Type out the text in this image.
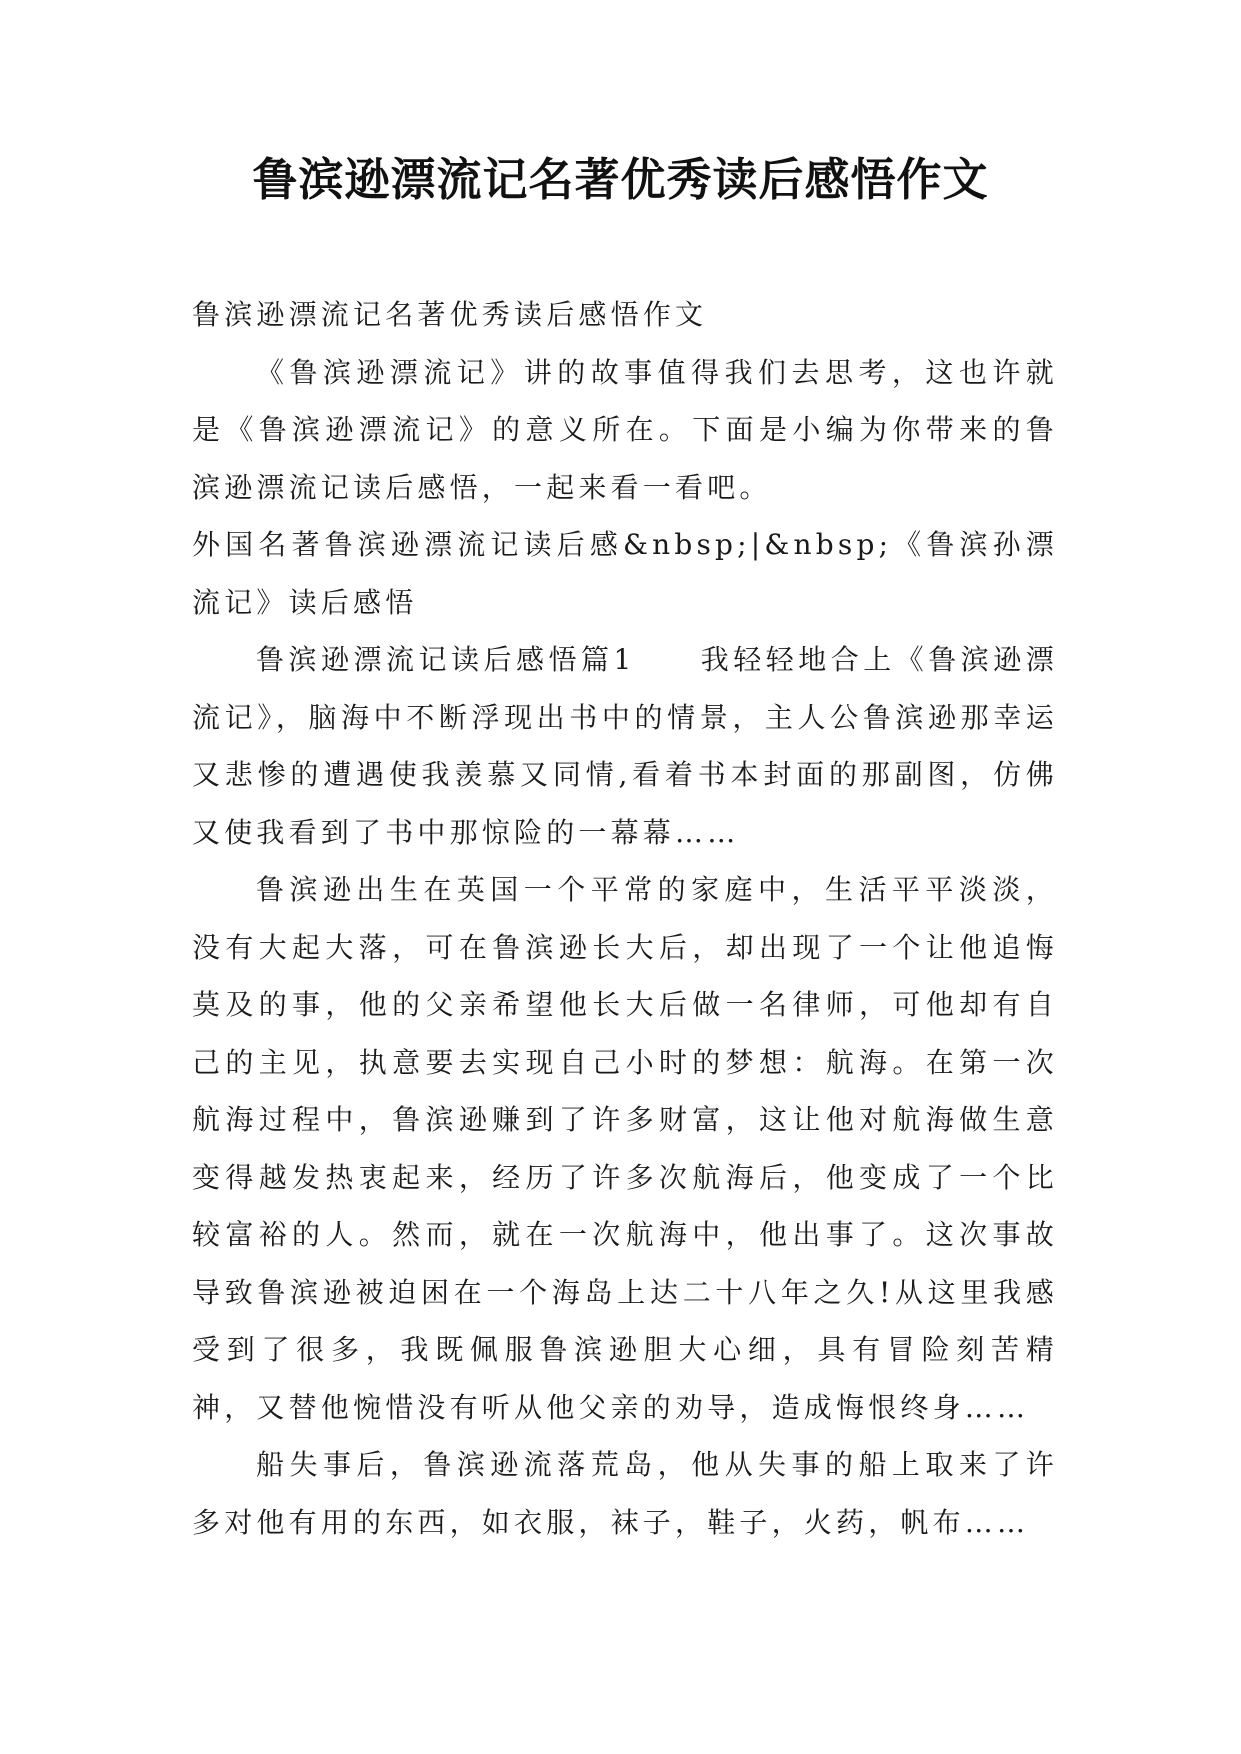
鲁滨逊漂流记名著优秀读后感悟作文

鲁滨逊漂流记名著优秀读后感悟作文

《鲁滨逊漂流记》讲的故事值得我们去思考，这也许就是《鲁滨逊漂流记》的意义所在。下面是小编为你带来的鲁滨逊漂流记读后感悟，一起来看一看吧。

外国名著鲁滨逊漂流记读后感&nbsp;|&nbsp;《鲁滨孙漂流记》读后感悟

鲁滨逊漂流记读后感悟篇1　　我轻轻地合上《鲁滨逊漂流记》，脑海中不断浮现出书中的情景，主人公鲁滨逊那幸运又悲惨的遭遇使我羡慕又同情,看着书本封面的那副图，仿佛又使我看到了书中那惊险的一幕幕……

鲁滨逊出生在英国一个平常的家庭中，生活平平淡淡，没有大起大落，可在鲁滨逊长大后，却出现了一个让他追悔莫及的事，他的父亲希望他长大后做一名律师，可他却有自己的主见，执意要去实现自己小时的梦想：航海。在第一次航海过程中，鲁滨逊赚到了许多财富，这让他对航海做生意变得越发热衷起来，经历了许多次航海后，他变成了一个比较富裕的人。然而，就在一次航海中，他出事了。这次事故导致鲁滨逊被迫困在一个海岛上达二十八年之久!从这里我感受到了很多，我既佩服鲁滨逊胆大心细，具有冒险刻苦精神，又替他惋惜没有听从他父亲的劝导，造成悔恨终身……

船失事后，鲁滨逊流落荒岛，他从失事的船上取来了许多对他有用的东西，如衣服，袜子，鞋子，火药，帆布……
